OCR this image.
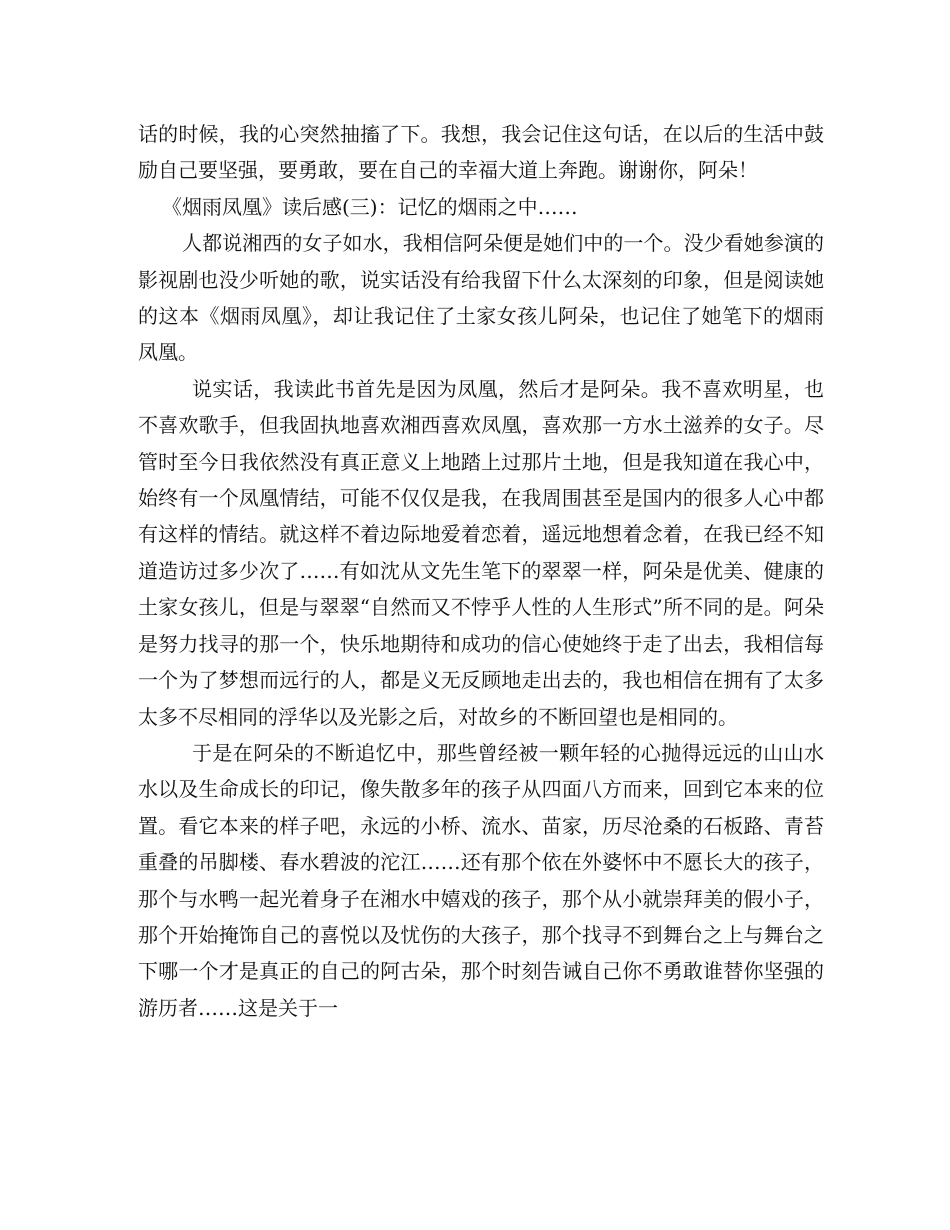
话的时候，我的心突然抽搐了下。我想，我会记住这句话，在以后的生活中鼓励自己要坚强，要勇敢，要在自己的幸福大道上奔跑。谢谢你，阿朵！

《烟雨凤凰》读后感(三)：记忆的烟雨之中……

人都说湘西的女子如水，我相信阿朵便是她们中的一个。没少看她参演的影视剧也没少听她的歌，说实话没有给我留下什么太深刻的印象，但是阅读她的这本《烟雨凤凰》，却让我记住了土家女孩儿阿朵，也记住了她笔下的烟雨凤凰。

说实话，我读此书首先是因为凤凰，然后才是阿朵。我不喜欢明星，也不喜欢歌手，但我固执地喜欢湘西喜欢凤凰，喜欢那一方水土滋养的女子。尽管时至今日我依然没有真正意义上地踏上过那片土地，但是我知道在我心中，始终有一个凤凰情结，可能不仅仅是我，在我周围甚至是国内的很多人心中都有这样的情结。就这样不着边际地爱着恋着，遥远地想着念着，在我已经不知道造访过多少次了……有如沈从文先生笔下的翠翠一样，阿朵是优美、健康的土家女孩儿，但是与翠翠“自然而又不悖乎人性的人生形式”所不同的是。阿朵是努力找寻的那一个，快乐地期待和成功的信心使她终于走了出去，我相信每一个为了梦想而远行的人，都是义无反顾地走出去的，我也相信在拥有了太多太多不尽相同的浮华以及光影之后，对故乡的不断回望也是相同的。

于是在阿朵的不断追忆中，那些曾经被一颗年轻的心抛得远远的山山水水以及生命成长的印记，像失散多年的孩子从四面八方而来，回到它本来的位置。看它本来的样子吧，永远的小桥、流水、苗家，历尽沧桑的石板路、青苔重叠的吊脚楼、春水碧波的沱江……还有那个依在外婆怀中不愿长大的孩子，那个与水鸭一起光着身子在湘水中嬉戏的孩子，那个从小就崇拜美的假小子，那个开始掩饰自己的喜悦以及忧伤的大孩子，那个找寻不到舞台之上与舞台之下哪一个才是真正的自己的阿古朵，那个时刻告诫自己你不勇敢谁替你坚强的游历者……这是关于一
